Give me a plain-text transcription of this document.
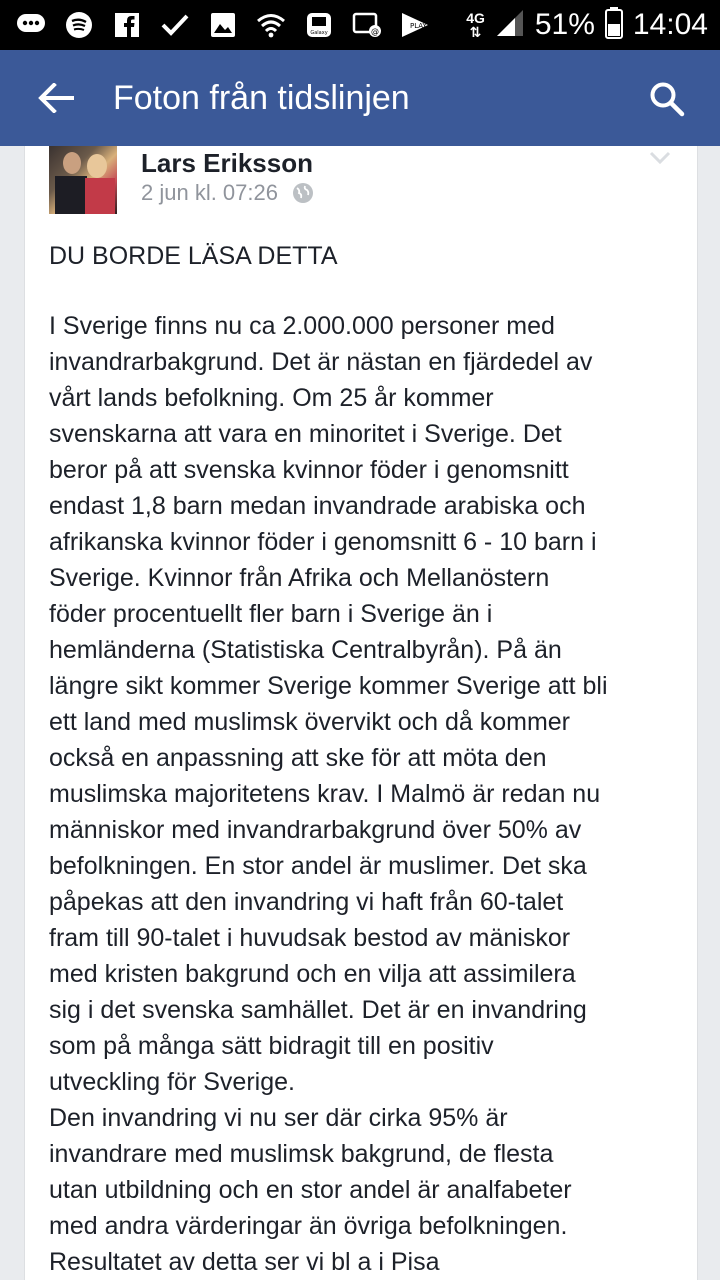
Galaxy	@
PLAY	4G
⇅ 51% 14:04
Foton från tidslinjen
Lars Eriksson
2 jun kl. 07:26
DU BORDE LÄSA DETTA
I Sverige finns nu ca 2.000.000 personer med
invandrarbakgrund. Det är nästan en fjärdedel av
vårt lands befolkning. Om 25 år kommer
svenskarna att vara en minoritet i Sverige. Det
beror på att svenska kvinnor föder i genomsnitt
endast 1,8 barn medan invandrade arabiska och
afrikanska kvinnor föder i genomsnitt 6 - 10 barn i
Sverige. Kvinnor från Afrika och Mellanöstern
föder procentuellt fler barn i Sverige än i
hemländerna (Statistiska Centralbyrån). På än
längre sikt kommer Sverige kommer Sverige att bli
ett land med muslimsk övervikt och då kommer
också en anpassning att ske för att möta den
muslimska majoritetens krav. I Malmö är redan nu
människor med invandrarbakgrund över 50% av
befolkningen. En stor andel är muslimer. Det ska
påpekas att den invandring vi haft från 60-talet
fram till 90-talet i huvudsak bestod av mäniskor
med kristen bakgrund och en vilja att assimilera
sig i det svenska samhället. Det är en invandring
som på många sätt bidragit till en positiv
utveckling för Sverige.
Den invandring vi nu ser där cirka 95% är
invandrare med muslimsk bakgrund, de flesta
utan utbildning och en stor andel är analfabeter
med andra värderingar än övriga befolkningen.
Resultatet av detta ser vi bl a i Pisa
